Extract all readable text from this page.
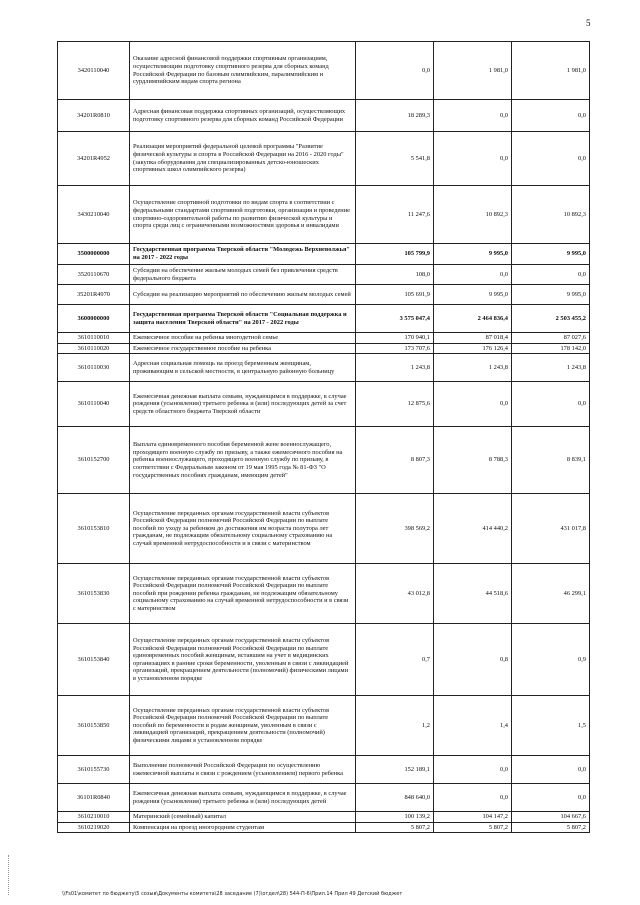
5
3420110040	Оказание адресной финансовой поддержки спортивным организациям, осуществляющим подготовку спортивного резерва для сборных команд Российской Федерации по базовым олимпийским, паралимпийским и сурдлимпийским видам спорта региона	0,0	1 981,0	1 981,0
34201R0810	Адресная финансовая поддержка спортивных организаций, осуществляющих подготовку спортивного резерва для сборных команд Российской Федерации	18 289,3	0,0	0,0
34201R4952	Реализация мероприятий федеральной целевой программы "Развитие физической культуры и спорта в Российской Федерации на 2016 - 2020 годы" (закупка оборудования для специализированных детско-юношеских спортивных школ олимпийского резерва)	5 541,8	0,0	0,0
3430210040	Осуществление спортивной подготовки по видам спорта в соответствии с федеральными стандартами спортивной подготовки, организация и проведение спортивно-оздоровительной работы по развитию физической культуры и спорта среди лиц с ограниченными возможностями здоровья и инвалидами	11 247,6	10 892,3	10 892,3
3500000000	Государственная программа Тверской области "Молодежь Верхневолжья" на 2017 - 2022 годы	105 799,9	9 995,0	9 995,0
3520110670	Субсидии на обеспечение жильем молодых семей без привлечения средств федерального бюджета	108,0	0,0	0,0
35201R4970	Субсидии на реализацию мероприятий по обеспечению жильем молодых семей	105 691,9	9 995,0	9 995,0
3600000000	Государственная программа Тверской области "Социальная поддержка и защита населения Тверской области" на 2017 - 2022 годы	3 575 047,4	2 464 836,4	2 503 455,2
3610110010	Ежемесячное пособие на ребенка многодетной семье	170 940,1	87 018,4	87 027,6
3610110020	Ежемесячное государственное пособие на ребенка	173 707,6	176 126,4	178 142,0
3610110030	Адресная социальная помощь на проезд беременным женщинам, проживающим в сельской местности, в центральную районную больницу	1 243,8	1 243,8	1 243,8
3610110040	Ежемесячная денежная выплата семьям, нуждающимся в поддержке, в случае рождения (усыновления) третьего ребенка и (или) последующих детей за счет средств областного бюджета Тверской области	12 875,6	0,0	0,0
3610152700	Выплата единовременного пособия беременной жене военнослужащего, проходящего военную службу по призыву, а также ежемесячного пособия на ребенка военнослужащего, проходящего военную службу по призыву, в соответствии с Федеральным законом от 19 мая 1995 года № 81-ФЗ "О государственных пособиях гражданам, имеющим детей"	8 807,3	8 788,3	8 839,1
3610153810	Осуществление переданных органам государственной власти субъектов Российской Федерации полномочий Российской Федерации по выплате пособий по уходу за ребенком до достижения им возраста полутора лет гражданам, не подлежащим обязательному социальному страхованию на случай временной нетрудоспособности и в связи с материнством	398 569,2	414 440,2	431 017,8
3610153830	Осуществление переданных органам государственной власти субъектов Российской Федерации полномочий Российской Федерации по выплате пособий при рождении ребенка гражданам, не подлежащим обязательному социальному страхованию на случай временной нетрудоспособности и в связи с материнством	43 012,8	44 518,6	46 299,1
3610153840	Осуществление переданных органам государственной власти субъектов Российской Федерации полномочий Российской Федерации по выплате единовременных пособий женщинам, вставшим на учет в медицинских организациях в ранние сроки беременности, уволенным в связи с ликвидацией организаций, прекращением деятельности (полномочий) физическими лицами в установленном порядке	0,7	0,8	0,9
3610153850	Осуществление переданных органам государственной власти субъектов Российской Федерации полномочий Российской Федерации по выплате пособий по беременности и родам женщинам, уволенным в связи с ликвидацией организаций, прекращением деятельности (полномочий) физическими лицами в установленном порядке	1,2	1,4	1,5
3610155730	Выполнение полномочий Российской Федерации по осуществлению ежемесячной выплаты в связи с рождением (усыновлением) первого ребенка	152 189,1	0,0	0,0
36101R0840	Ежемесячная денежная выплата семьям, нуждающимся в поддержке, в случае рождения (усыновления) третьего ребенка и (или) последующих детей	848 640,0	0,0	0,0
3610210010	Материнский (семейный) капитал	100 139,2	104 147,2	104 667,6
3610219020	Компенсация на проезд иногородним студентам	5 807,2	5 807,2	5 807,2
\\Fs01\комитет по бюджету\5 созыв\Документы комитета\28 заседание (7)\отдел\28) 544-П-6\Прил.14 Прил 49 Детский бюджет
